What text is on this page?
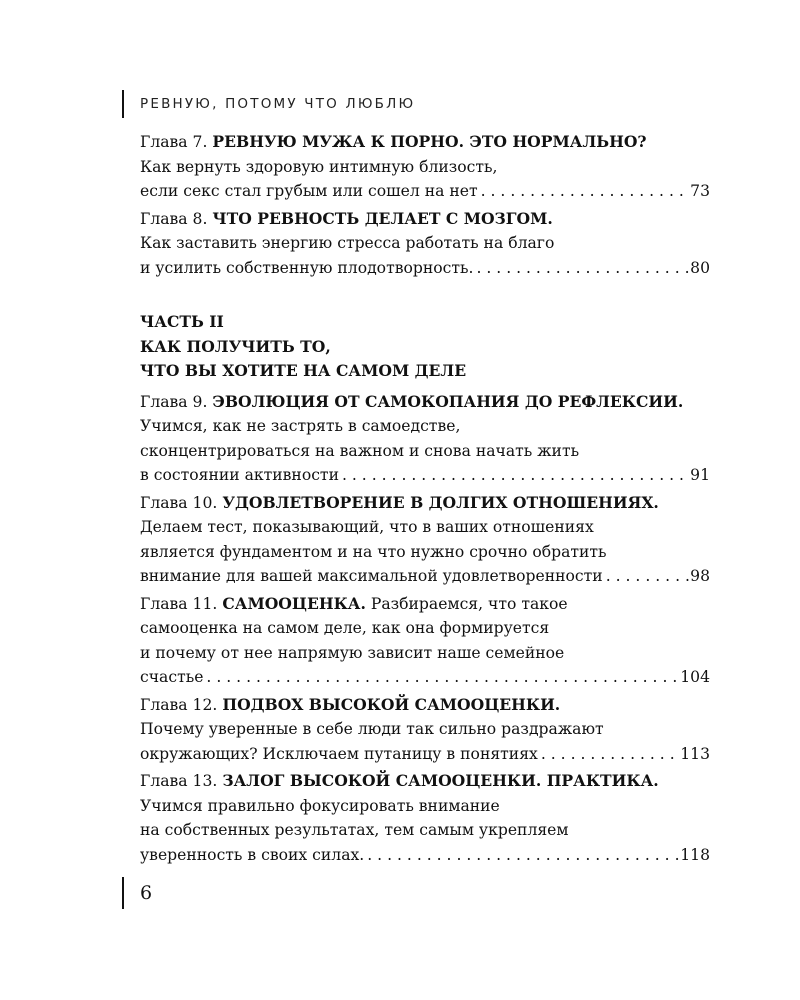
РЕВНУЮ, ПОТОМУ ЧТО ЛЮБЛЮ
Глава 7. РЕВНУЮ МУЖА К ПОРНО. ЭТО НОРМАЛЬНО?
Как вернуть здоровую интимную близость,
если секс стал грубым или сошел на нет . . .	73
Глава 8. ЧТО РЕВНОСТЬ ДЕЛАЕТ С МОЗГОМ.
Как заставить энергию стресса работать на благо
и усилить собственную плодотворность. . . .	80
ЧАСТЬ II
КАК ПОЛУЧИТЬ ТО,
ЧТО ВЫ ХОТИТЕ НА САМОМ ДЕЛЕ
Глава 9. ЭВОЛЮЦИЯ ОТ САМОКОПАНИЯ ДО РЕФЛЕКСИИ.
Учимся, как не застрять в самоедстве,
сконцентрироваться на важном и снова начать жить
в состоянии активности . . .	91
Глава 10. УДОВЛЕТВОРЕНИЕ В ДОЛГИХ ОТНОШЕНИЯХ.
Делаем тест, показывающий, что в ваших отношениях
является фундаментом и на что нужно срочно обратить
внимание для вашей максимальной удовлетворенности . . .	98
Глава 11. САМООЦЕНКА. Разбираемся, что такое
самооценка на самом деле, как она формируется
и почему от нее напрямую зависит наше семейное
счастье . . .	104
Глава 12. ПОДВОХ ВЫСОКОЙ САМООЦЕНКИ.
Почему уверенные в себе люди так сильно раздражают
окружающих? Исключаем путаницу в понятиях . . .	113
Глава 13. ЗАЛОГ ВЫСОКОЙ САМООЦЕНКИ. ПРАКТИКА.
Учимся правильно фокусировать внимание
на собственных результатах, тем самым укрепляем
уверенность в своих силах. . . .	118
6
